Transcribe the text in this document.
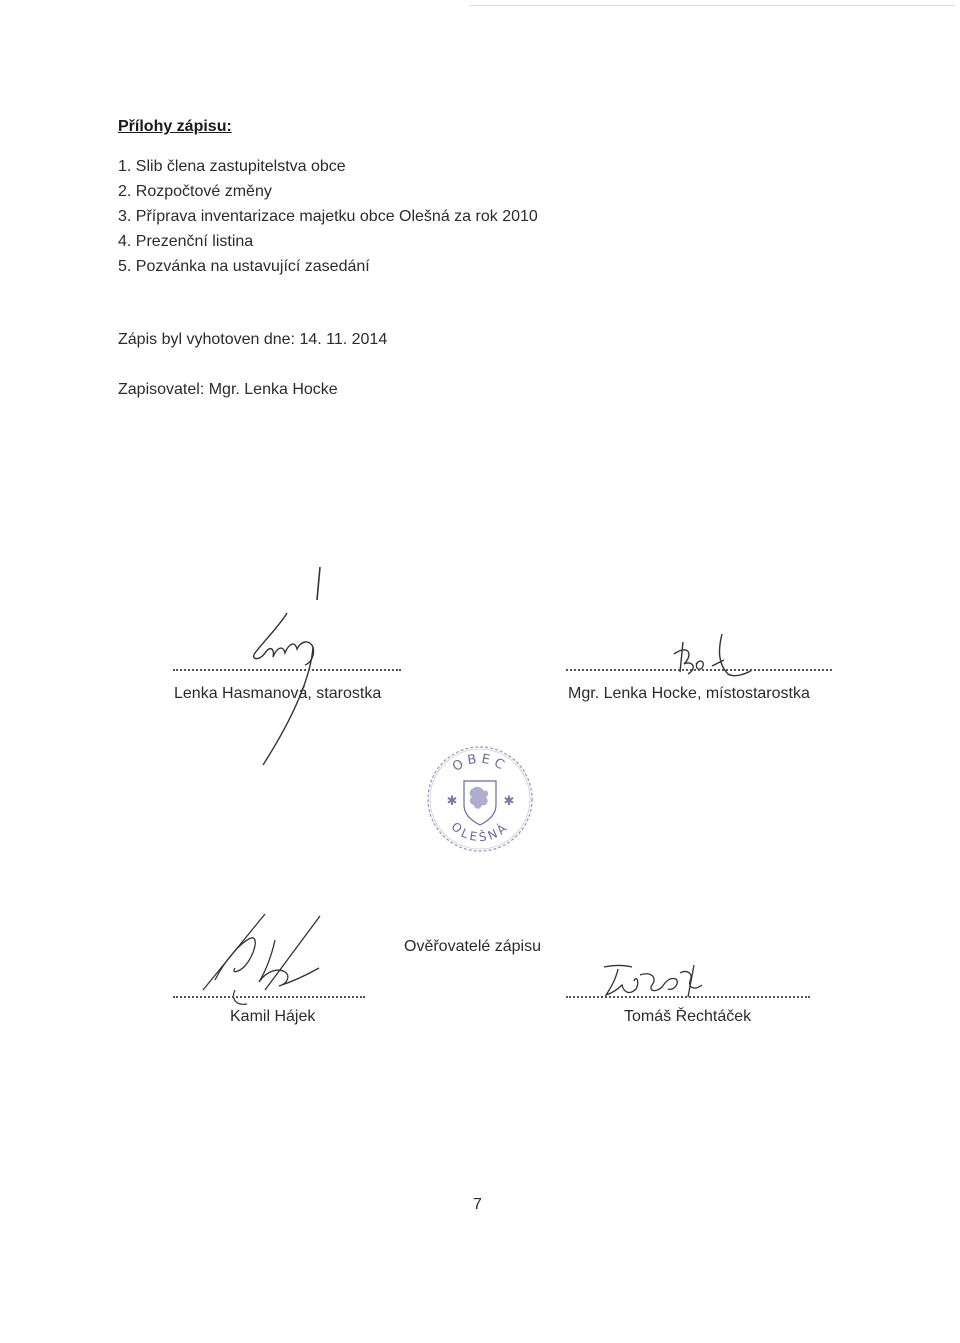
Přílohy zápisu:
1. Slib člena zastupitelstva obce
2. Rozpočtové změny
3. Příprava inventarizace majetku obce Olešná za rok 2010
4. Prezenční listina
5. Pozvánka na ustavující zasedání
Zápis byl vyhotoven dne: 14. 11. 2014
Zapisovatel: Mgr. Lenka Hocke
Lenka Hasmanová, starostka	Mgr. Lenka Hocke, místostarostka
OBEC
OLEŠNÁ
✱	✱
Ověřovatelé zápisu
Kamil Hájek	Tomáš Řechtáček
7
